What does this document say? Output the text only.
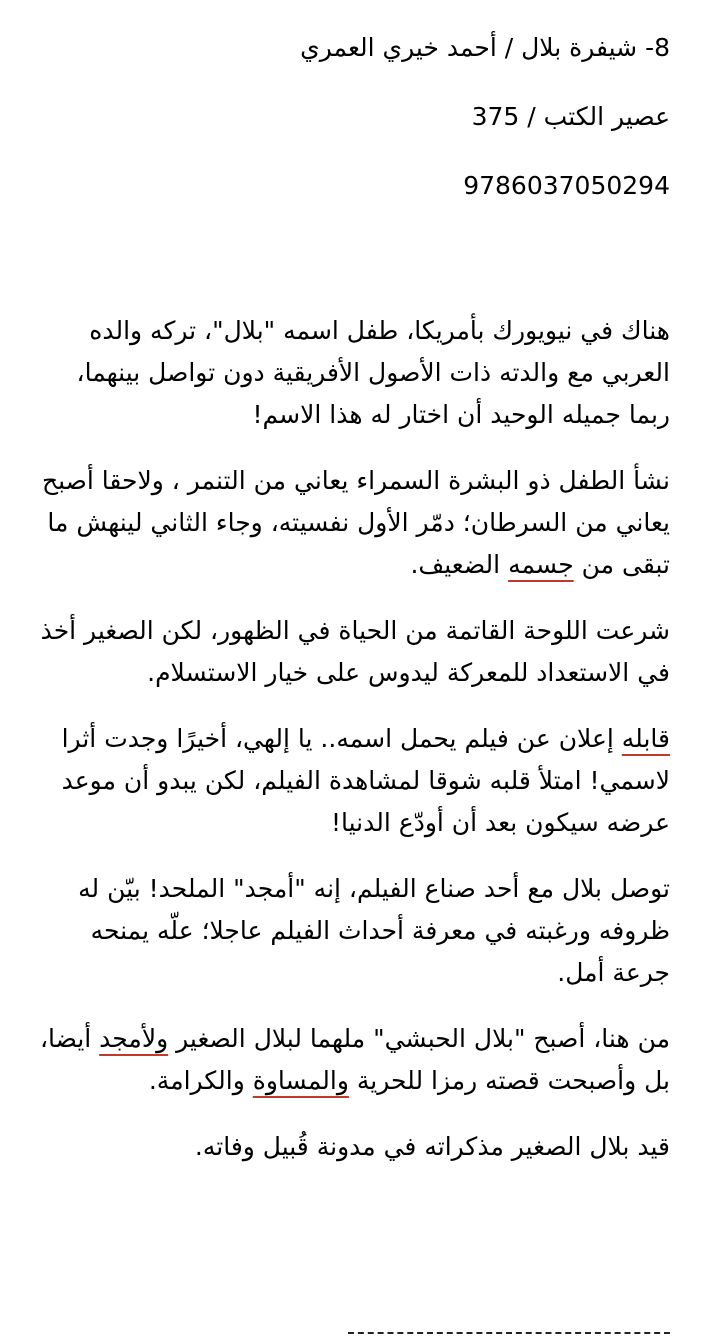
8- شيفرة بلال / أحمد خيري العمري

عصير الكتب / 375

9786037050294

هناك في نيويورك بأمريكا، طفل اسمه "بلال"، تركه والده العربي مع والدته ذات الأصول الأفريقية دون تواصل بينهما، ربما جميله الوحيد أن اختار له هذا الاسم!

نشأ الطفل ذو البشرة السمراء يعاني من التنمر ، ولاحقا أصبح يعاني من السرطان؛ دمّر الأول نفسيته، وجاء الثاني لينهش ما تبقى من جسمه الضعيف.

شرعت اللوحة القاتمة من الحياة في الظهور، لكن الصغير أخذ في الاستعداد للمعركة ليدوس على خيار الاستسلام.

قابله إعلان عن فيلم يحمل اسمه.. يا إلهي، أخيرًا وجدت أثرا لاسمي! امتلأ قلبه شوقا لمشاهدة الفيلم، لكن يبدو أن موعد عرضه سيكون بعد أن أودّع الدنيا!

توصل بلال مع أحد صناع الفيلم، إنه "أمجد" الملحد! بيّن له ظروفه ورغبته في معرفة أحداث الفيلم عاجلا؛ علّه يمنحه جرعة أمل.

من هنا، أصبح "بلال الحبشي" ملهما لبلال الصغير ولأمجد أيضا، بل وأصبحت قصته رمزا للحرية والمساوة والكرامة.

قيد بلال الصغير مذكراته في مدونة قُبيل وفاته.
